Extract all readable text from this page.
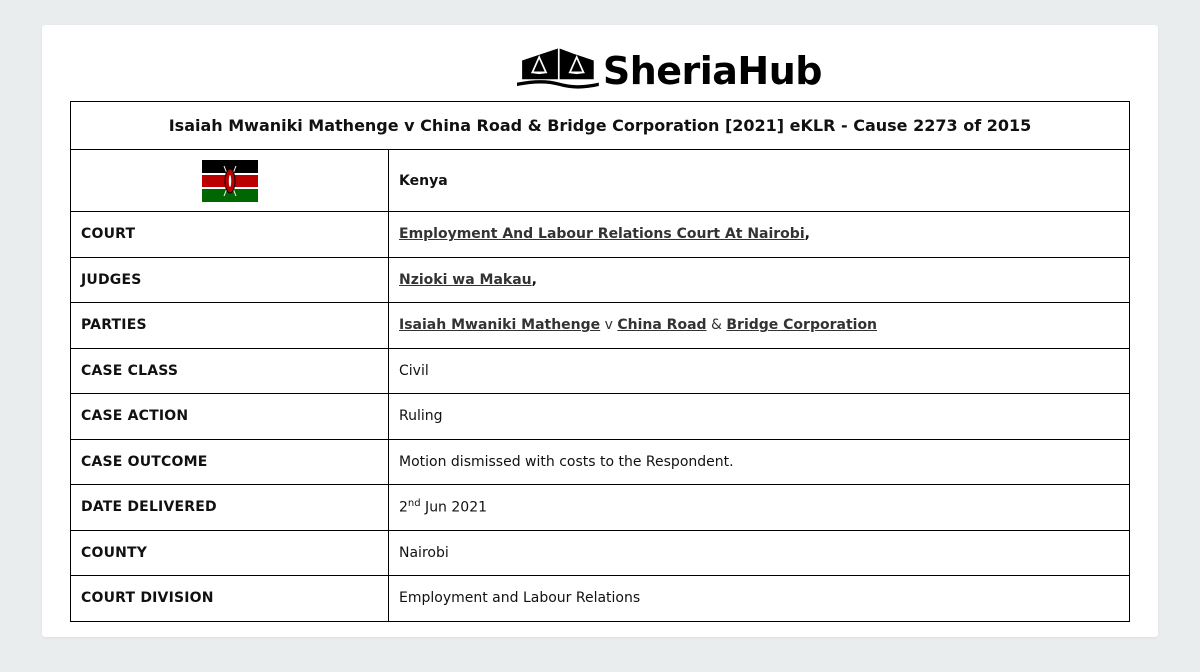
SheriaHub
Isaiah Mwaniki Mathenge v China Road & Bridge Corporation [2021] eKLR - Cause 2273 of 2015	
	Kenya
COURT	Employment And Labour Relations Court At Nairobi,
JUDGES	Nzioki wa Makau,
PARTIES	Isaiah Mwaniki Mathenge v China Road & Bridge Corporation
CASE CLASS	Civil
CASE ACTION	Ruling
CASE OUTCOME	Motion dismissed with costs to the Respondent.
DATE DELIVERED	2nd Jun 2021
COUNTY	Nairobi
COURT DIVISION	Employment and Labour Relations
